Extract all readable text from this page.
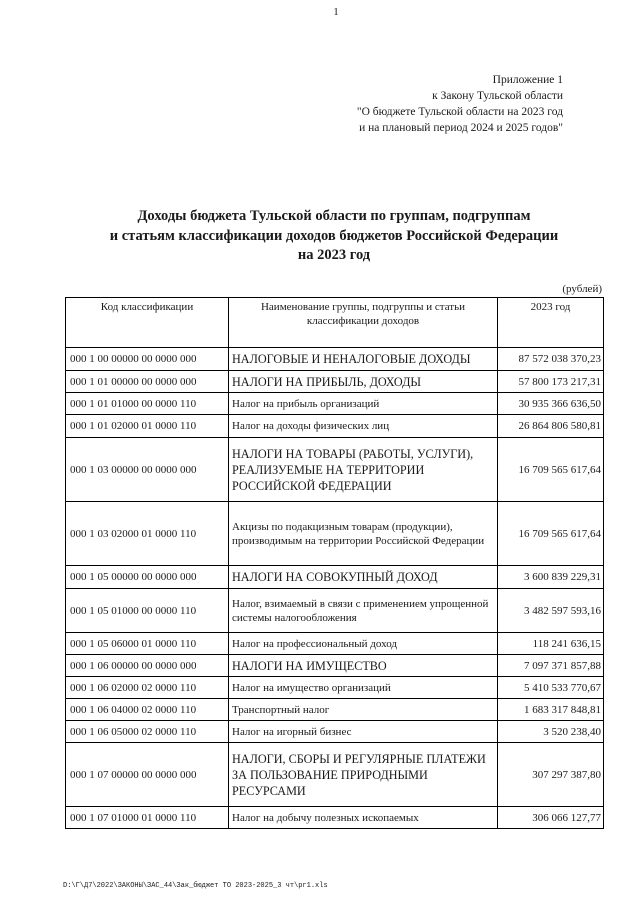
1
Приложение 1
к Закону Тульской области
"О бюджете Тульской области на 2023 год
и на плановый период 2024 и 2025 годов"
Доходы бюджета Тульской области по группам, подгруппам
и статьям классификации доходов бюджетов Российской Федерации
на 2023 год
(рублей)
Код классификации	Наименование группы, подгруппы и статьи классификации доходов	2023 год
000 1 00 00000 00 0000 000	НАЛОГОВЫЕ И НЕНАЛОГОВЫЕ ДОХОДЫ	87 572 038 370,23
000 1 01 00000 00 0000 000	НАЛОГИ НА ПРИБЫЛЬ, ДОХОДЫ	57 800 173 217,31
000 1 01 01000 00 0000 110	Налог на прибыль организаций	30 935 366 636,50
000 1 01 02000 01 0000 110	Налог на доходы физических лиц	26 864 806 580,81
000 1 03 00000 00 0000 000	НАЛОГИ НА ТОВАРЫ (РАБОТЫ, УСЛУГИ), РЕАЛИЗУЕМЫЕ НА ТЕРРИТОРИИ РОССИЙСКОЙ ФЕДЕРАЦИИ	16 709 565 617,64
000 1 03 02000 01 0000 110	Акцизы по подакцизным товарам (продукции), производимым на территории Российской Федерации	16 709 565 617,64
000 1 05 00000 00 0000 000	НАЛОГИ НА СОВОКУПНЫЙ ДОХОД	3 600 839 229,31
000 1 05 01000 00 0000 110	Налог, взимаемый в связи с применением упрощенной системы налогообложения	3 482 597 593,16
000 1 05 06000 01 0000 110	Налог на профессиональный доход	118 241 636,15
000 1 06 00000 00 0000 000	НАЛОГИ НА ИМУЩЕСТВО	7 097 371 857,88
000 1 06 02000 02 0000 110	Налог на имущество организаций	5 410 533 770,67
000 1 06 04000 02 0000 110	Транспортный налог	1 683 317 848,81
000 1 06 05000 02 0000 110	Налог на игорный бизнес	3 520 238,40
000 1 07 00000 00 0000 000	НАЛОГИ, СБОРЫ И РЕГУЛЯРНЫЕ ПЛАТЕЖИ ЗА ПОЛЬЗОВАНИЕ ПРИРОДНЫМИ РЕСУРСАМИ	307 297 387,80
000 1 07 01000 01 0000 110	Налог на добычу полезных ископаемых	306 066 127,77
D:\Г\Д7\2022\ЗАКОНЫ\ЗАС_44\Зак_бюджет ТО 2023-2025_3 чт\рг1.xls
